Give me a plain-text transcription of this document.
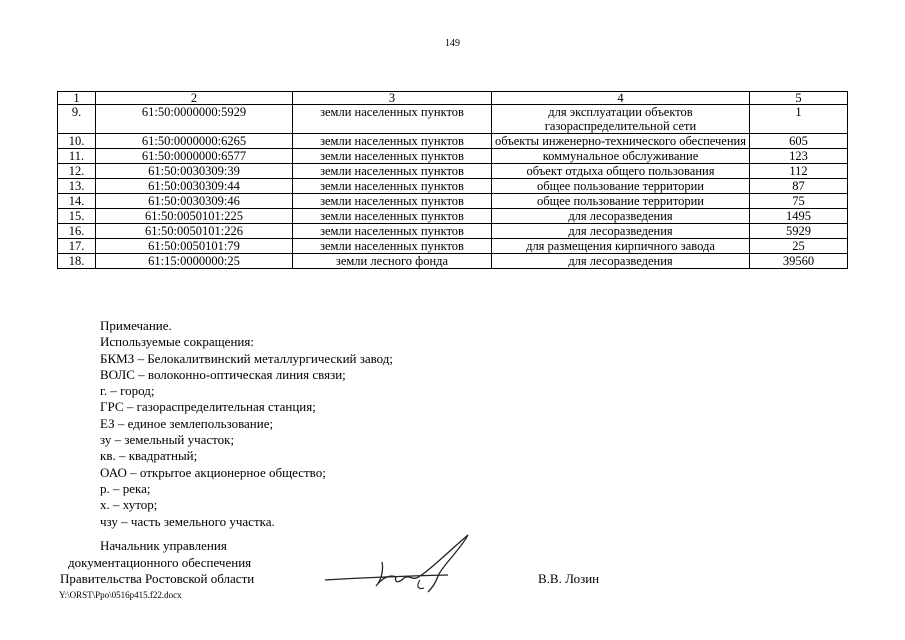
149
1	2	3	4	5
9.	61:50:0000000:5929	земли населенных пунктов	для эксплуатации объектов газораспределительной сети	1
10.	61:50:0000000:6265	земли населенных пунктов	объекты инженерно-технического обеспечения	605
11.	61:50:0000000:6577	земли населенных пунктов	коммунальное обслуживание	123
12.	61:50:0030309:39	земли населенных пунктов	объект отдыха общего пользования	112
13.	61:50:0030309:44	земли населенных пунктов	общее пользование территории	87
14.	61:50:0030309:46	земли населенных пунктов	общее пользование территории	75
15.	61:50:0050101:225	земли населенных пунктов	для лесоразведения	1495
16.	61:50:0050101:226	земли населенных пунктов	для лесоразведения	5929
17.	61:50:0050101:79	земли населенных пунктов	для размещения кирпичного завода	25
18.	61:15:0000000:25	земли лесного фонда	для лесоразведения	39560
Примечание.
Используемые сокращения:
БКМЗ – Белокалитвинский металлургический завод;
ВОЛС – волоконно-оптическая линия связи;
г. – город;
ГРС – газораспределительная станция;
ЕЗ – единое землепользование;
зу – земельный участок;
кв. – квадратный;
ОАО – открытое акционерное общество;
р. – река;
х. – хутор;
чзу – часть земельного участка.
Начальник управления
документационного обеспечения
Правительства Ростовской области	В.В. Лозин
Y:\ORST\Ppo\0516p415.f22.docx
